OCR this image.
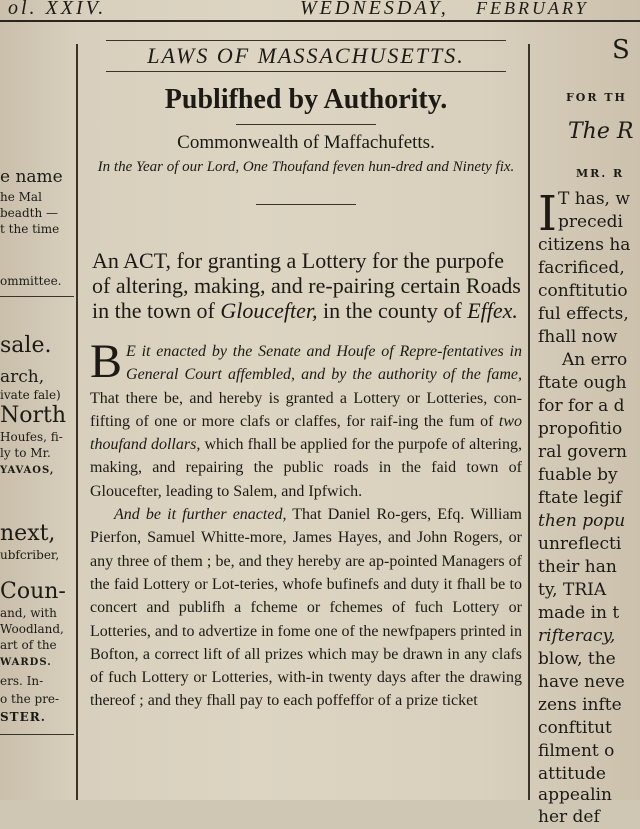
ol. XXIV.	WEDNESDAY, FEBRUARY
e name
he Mal
beadth —
t the time
ommittee.
sale.
arch,
ivate fale)
North
Houfes, fi-
ly to Mr.
YAVAOS,
next,
ubfcriber,
Coun-
and, with
Woodland,
art of the
WARDS.
ers. In-
o the pre-
STER.
LAWS OF MASSACHUSETTS.
Publifhed by Authority.
Commonwealth of Maffachufetts.
In the Year of our Lord, One Thoufand feven hun-dred and Ninety fix.
An ACT, for granting a Lottery for the purpofe of altering, making, and re-pairing certain Roads in the town of Gloucefter, in the county of Effex.

B E it enacted by the Senate and Houfe of Repre-fentatives in General Court affembled, and by the authority of the fame, That there be, and hereby is granted a Lottery or Lotteries, con-fifting of one or more clafs or claffes, for raif-ing the fum of two thoufand dollars, which fhall be applied for the purpofe of altering, making, and repairing the public roads in the faid town of Gloucefter, leading to Salem, and Ipfwich.

And be it further enacted, That Daniel Ro-gers, Efq. William Pierfon, Samuel Whitte-more, James Hayes, and John Rogers, or any three of them ; be, and they hereby are ap-pointed Managers of the faid Lottery or Lot-teries, whofe bufinefs and duty it fhall be to concert and publifh a fcheme or fchemes of fuch Lottery or Lotteries, and to advertize in fome one of the newfpapers printed in Bofton, a correct lift of all prizes which may be drawn in any clafs of fuch Lottery or Lotteries, with-in twenty days after the drawing thereof ; and they fhall pay to each poffeffor of a prize ticket

S
FOR TH
The R
MR. R
I T has, w
precedi
citizens ha
facrificed,
conftitutio
ful effects,
fhall now
An erro
ftate ough
for for a d
propofitio
ral govern
fuable by
ftate legif
then popu
unreflecti
their han
ty, TRIA
made in t
rifteracy,
blow, the
have neve
zens infte
conftitut
filment o
attitude
appealin
her def
